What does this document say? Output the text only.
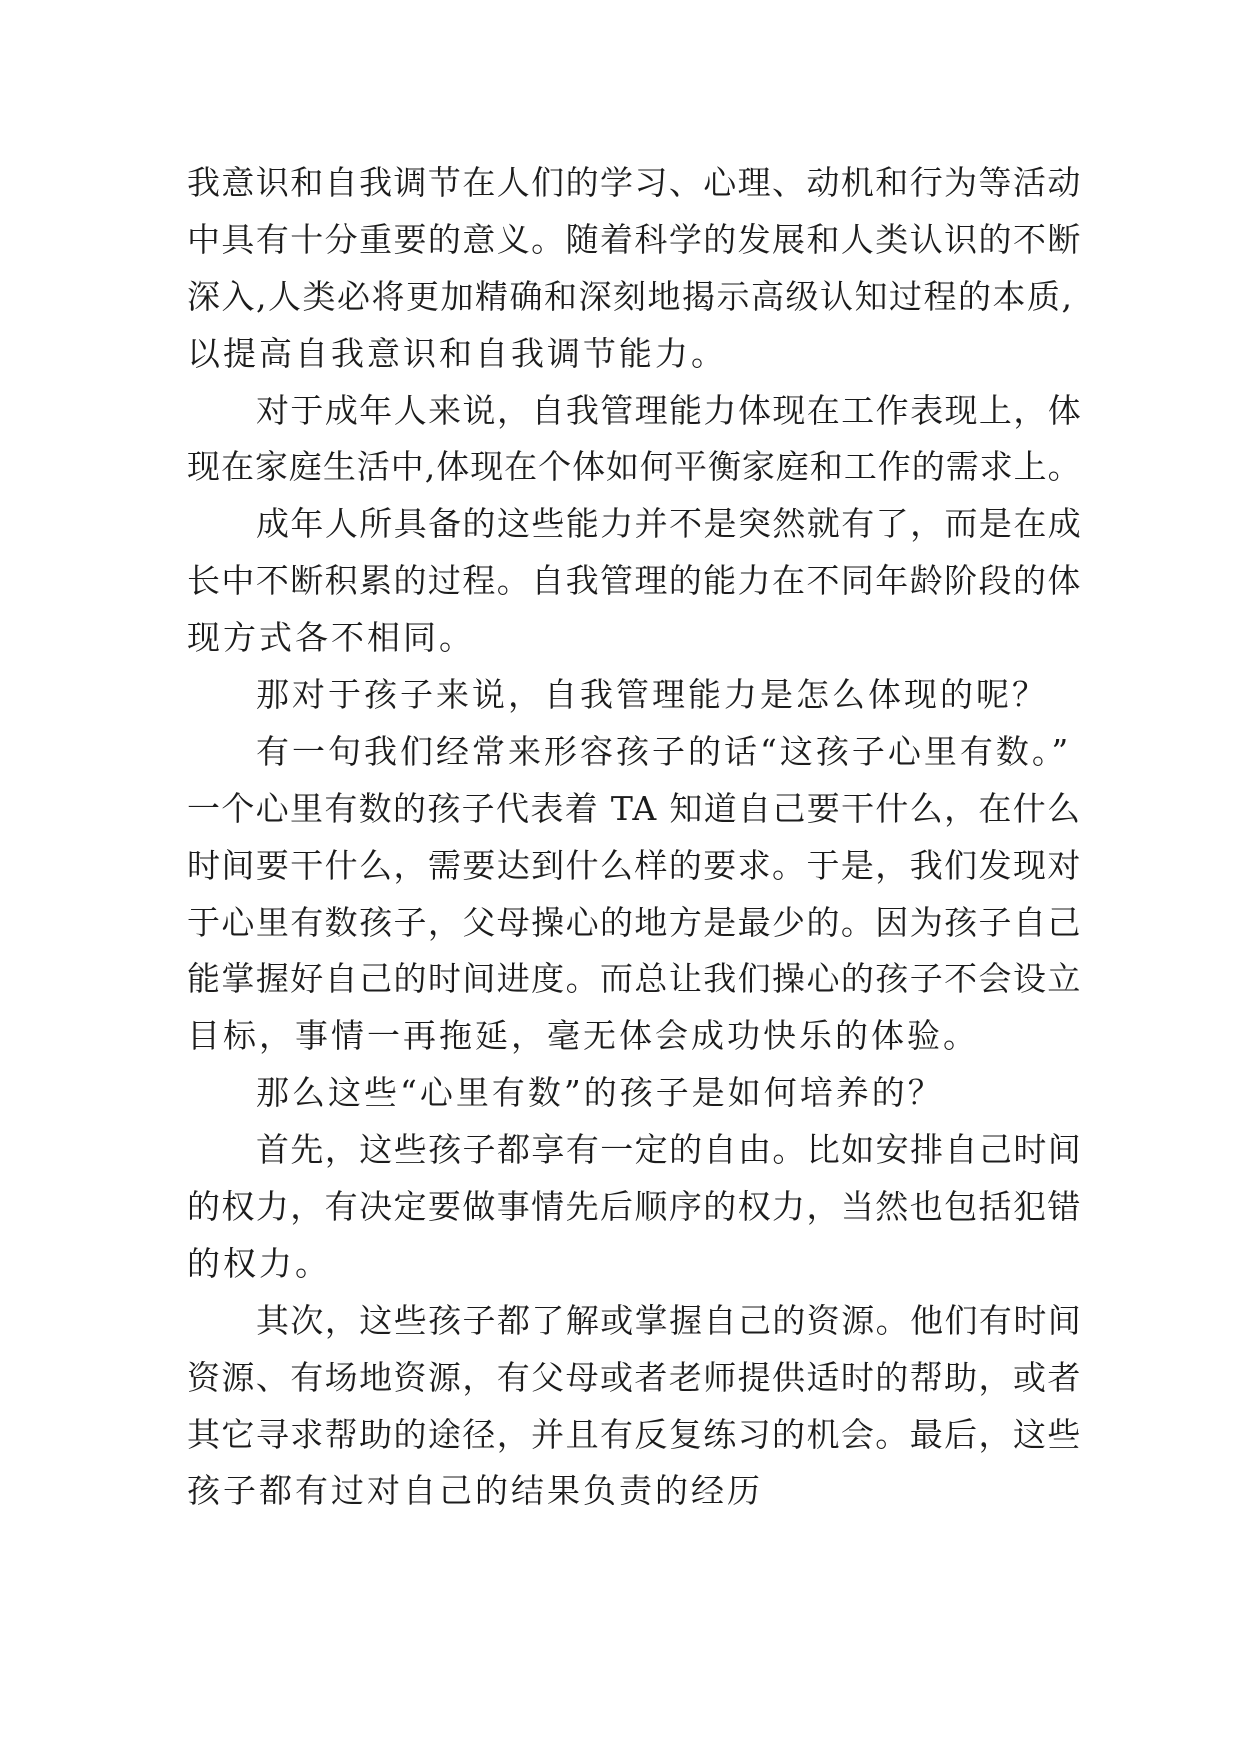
我意识和自我调节在人们的学习、心理、动机和行为等活动
中具有十分重要的意义。随着科学的发展和人类认识的不断
深入,人类必将更加精确和深刻地揭示高级认知过程的本质,
以提高自我意识和自我调节能力。
对于成年人来说，自我管理能力体现在工作表现上，体
现在家庭生活中,体现在个体如何平衡家庭和工作的需求上。
成年人所具备的这些能力并不是突然就有了，而是在成
长中不断积累的过程。自我管理的能力在不同年龄阶段的体
现方式各不相同。
那对于孩子来说，自我管理能力是怎么体现的呢？
有一句我们经常来形容孩子的话“这孩子心里有数。”
一个心里有数的孩子代表着 TA 知道自己要干什么，在什么
时间要干什么，需要达到什么样的要求。于是，我们发现对
于心里有数孩子，父母操心的地方是最少的。因为孩子自己
能掌握好自己的时间进度。而总让我们操心的孩子不会设立
目标，事情一再拖延，毫无体会成功快乐的体验。
那么这些“心里有数”的孩子是如何培养的？
首先，这些孩子都享有一定的自由。比如安排自己时间
的权力，有决定要做事情先后顺序的权力，当然也包括犯错
的权力。
其次，这些孩子都了解或掌握自己的资源。他们有时间
资源、有场地资源，有父母或者老师提供适时的帮助，或者
其它寻求帮助的途径，并且有反复练习的机会。最后，这些
孩子都有过对自己的结果负责的经历
